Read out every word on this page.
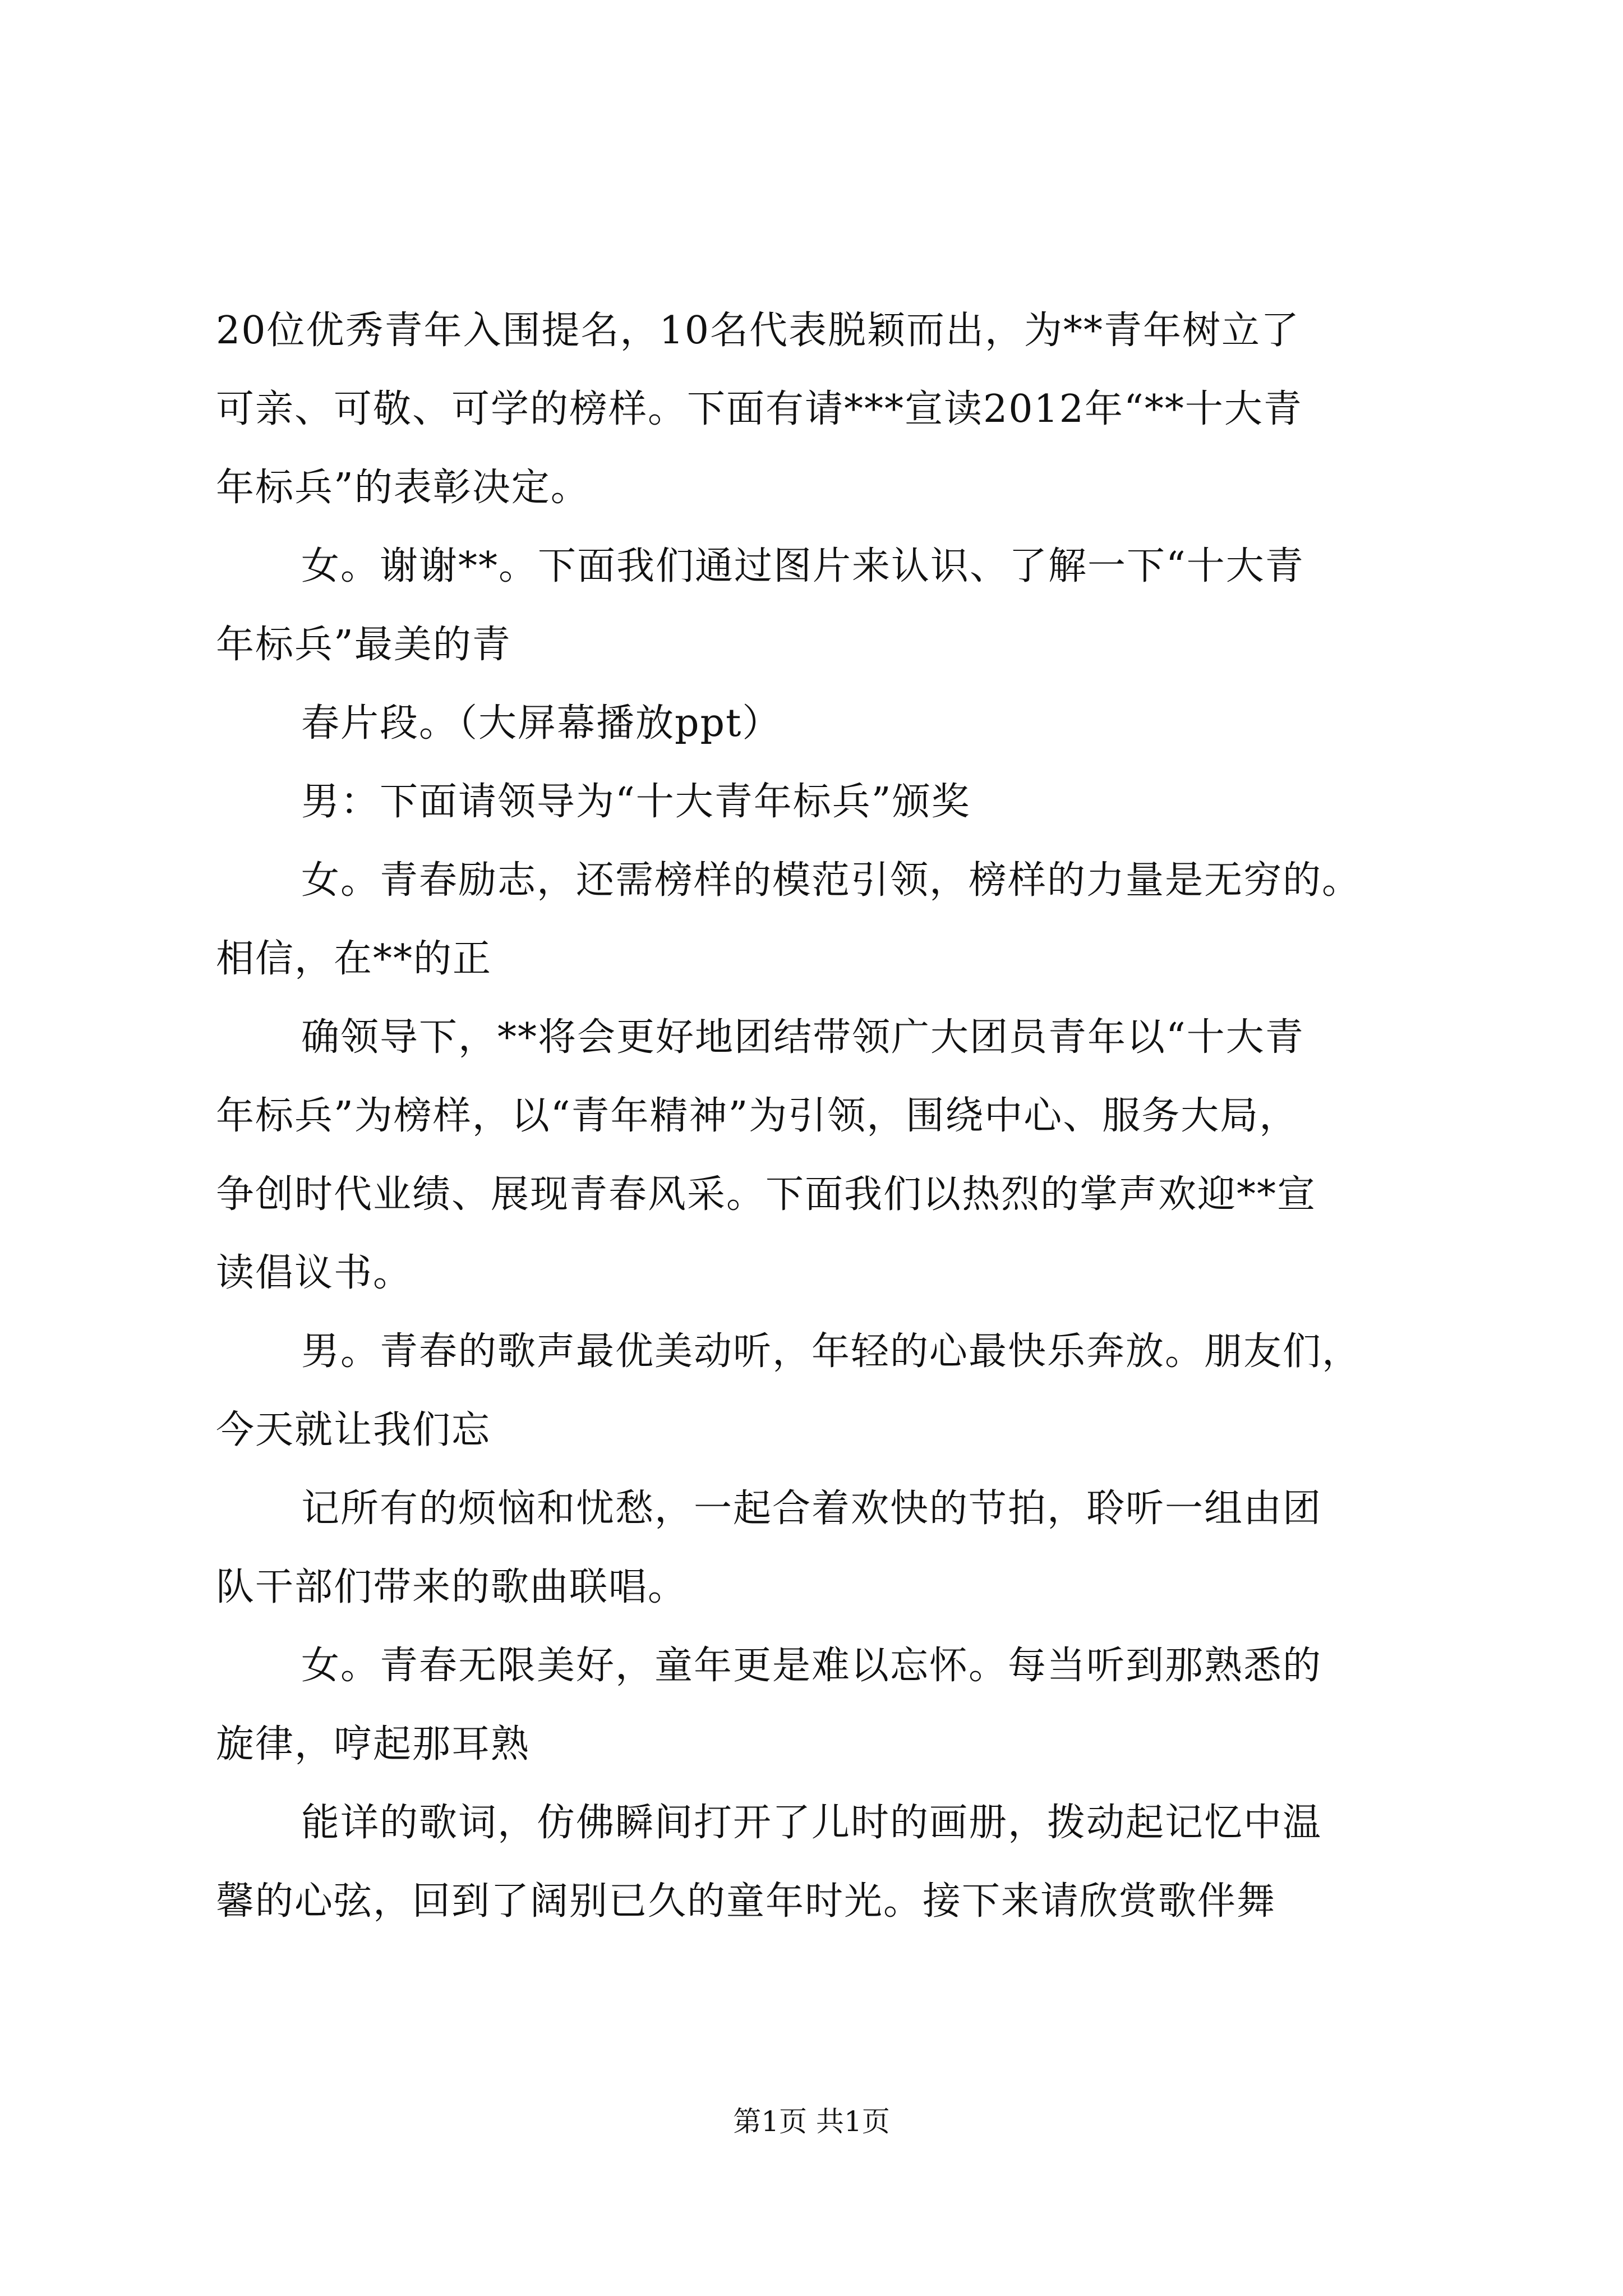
20位优秀青年入围提名，10名代表脱颖而出，为**青年树立了
可亲、可敬、可学的榜样。下面有请***宣读2012年“**十大青
年标兵”的表彰决定。
女。谢谢**。下面我们通过图片来认识、了解一下“十大青
年标兵”最美的青
春片段。（大屏幕播放ppt）
男：下面请领导为“十大青年标兵”颁奖
女。青春励志，还需榜样的模范引领，榜样的力量是无穷的。
相信，在**的正
确领导下，**将会更好地团结带领广大团员青年以“十大青
年标兵”为榜样，以“青年精神”为引领，围绕中心、服务大局，
争创时代业绩、展现青春风采。下面我们以热烈的掌声欢迎**宣
读倡议书。
男。青春的歌声最优美动听，年轻的心最快乐奔放。朋友们，
今天就让我们忘
记所有的烦恼和忧愁，一起合着欢快的节拍，聆听一组由团
队干部们带来的歌曲联唱。
女。青春无限美好，童年更是难以忘怀。每当听到那熟悉的
旋律，哼起那耳熟
能详的歌词，仿佛瞬间打开了儿时的画册，拨动起记忆中温
馨的心弦，回到了阔别已久的童年时光。接下来请欣赏歌伴舞
第1页 共1页
